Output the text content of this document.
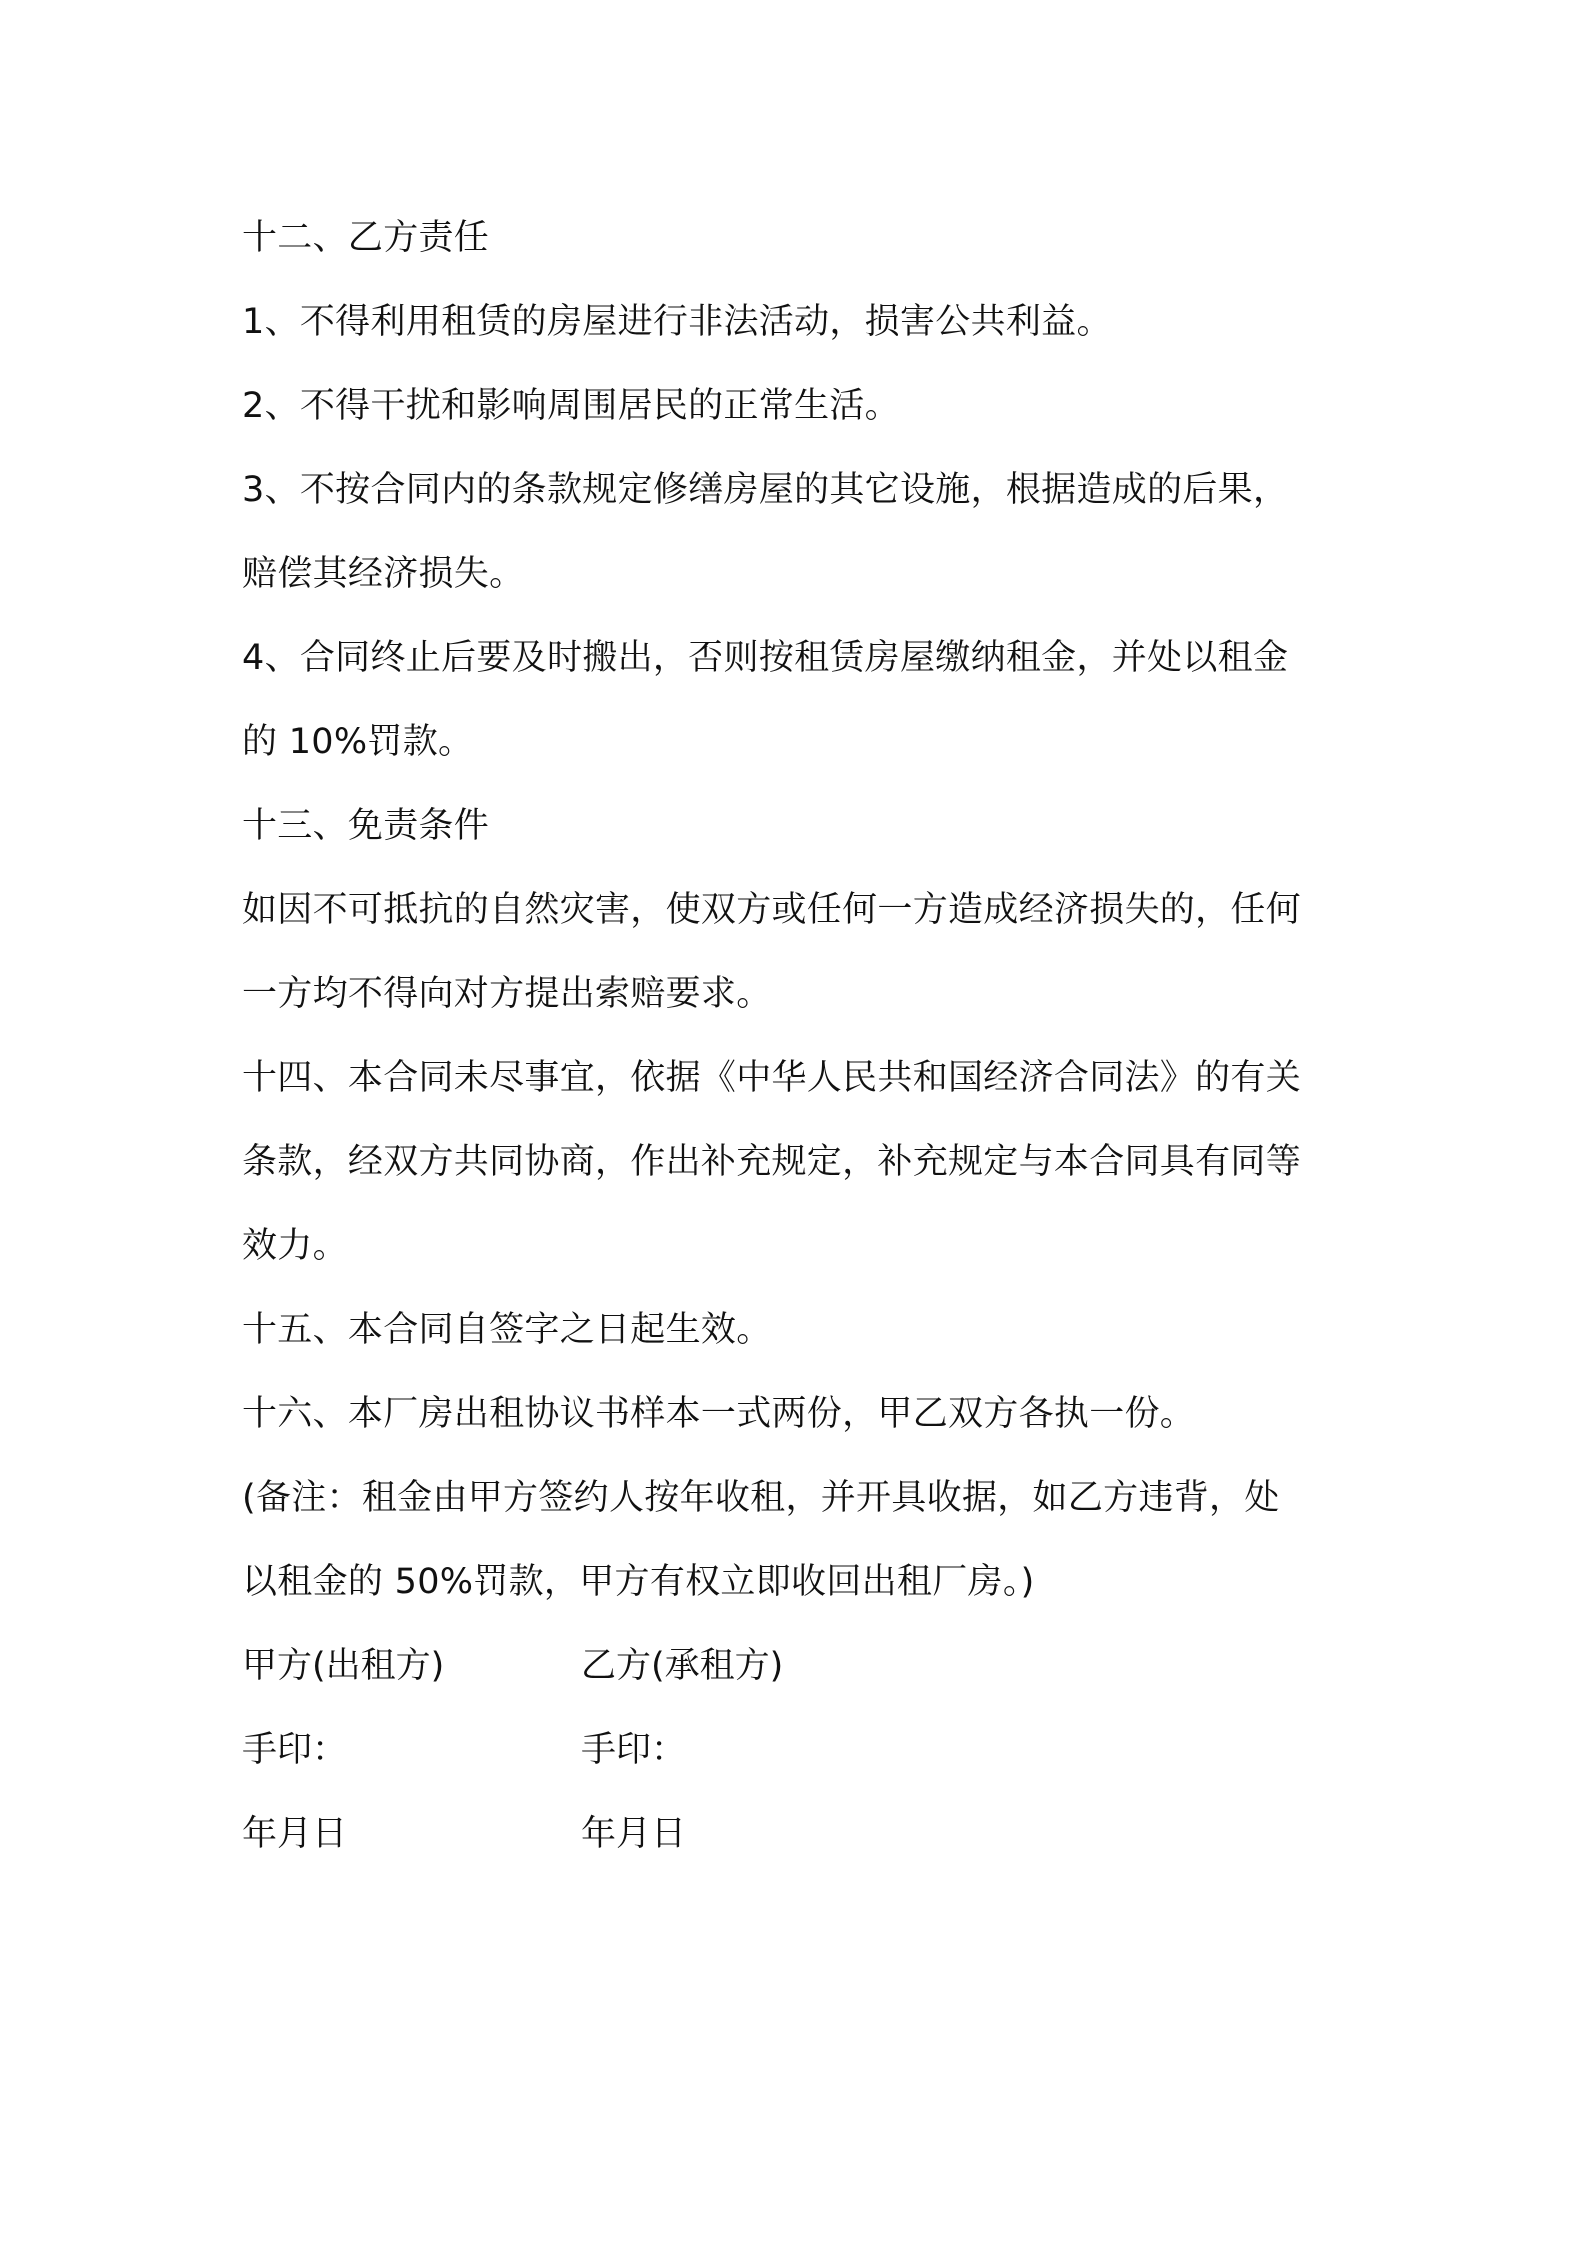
十二、乙方责任
1、不得利用租赁的房屋进行非法活动，损害公共利益。
2、不得干扰和影响周围居民的正常生活。
3、不按合同内的条款规定修缮房屋的其它设施，根据造成的后果，
赔偿其经济损失。
4、合同终止后要及时搬出，否则按租赁房屋缴纳租金，并处以租金
的 10%罚款。
十三、免责条件
如因不可抵抗的自然灾害，使双方或任何一方造成经济损失的，任何
一方均不得向对方提出索赔要求。
十四、本合同未尽事宜，依据《中华人民共和国经济合同法》的有关
条款，经双方共同协商，作出补充规定，补充规定与本合同具有同等
效力。
十五、本合同自签字之日起生效。
十六、本厂房出租协议书样本一式两份，甲乙双方各执一份。
(备注：租金由甲方签约人按年收租，并开具收据，如乙方违背，处
以租金的 50%罚款，甲方有权立即收回出租厂房。)
甲方(出租方)	乙方(承租方)
手印：	手印：
年月日	年月日
